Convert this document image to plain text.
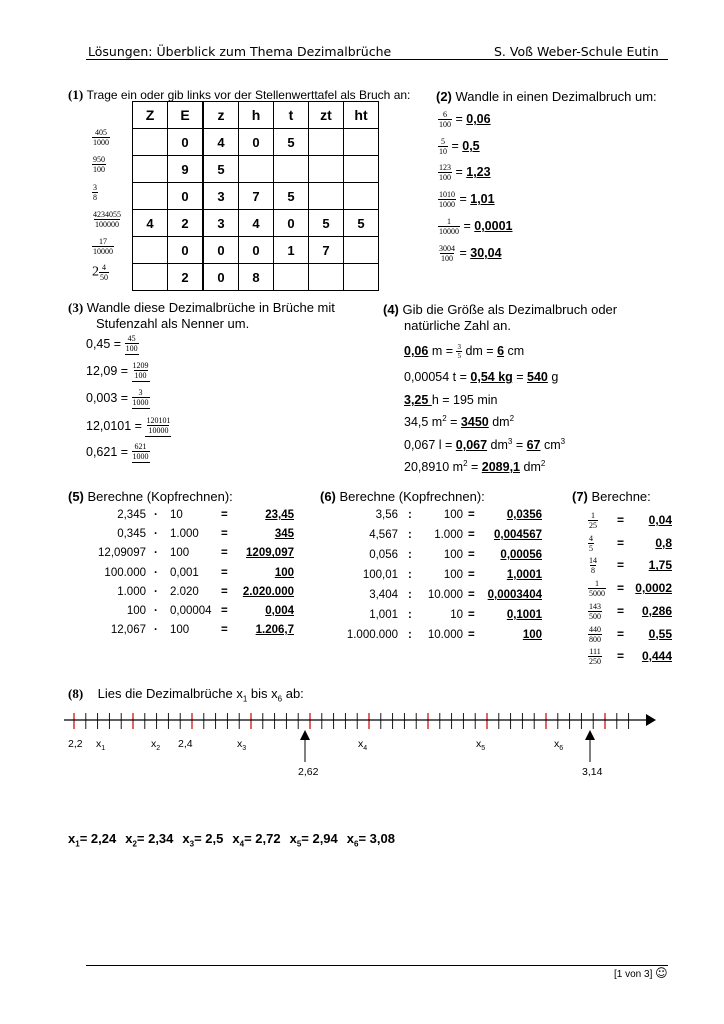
Lösungen: Überblick zum Thema Dezimalbrüche	S. Voß Weber-Schule Eutin
(1) Trage ein oder gib links vor der Stellenwerttafel als Bruch an:
$\frac{405}{1000}$
$\frac{950}{100}$
$\frac{3}{8}$
$\frac{4234055}{100000}$
$\frac{17}{10000}$
$2 \frac{4}{50}$
Z	E	z	h	t	zt	ht
	0	4	0	5		
	9	5				
	0	3	7	5		
4	2	3	4	0	5	5
	0	0	0	1	7	
	2	0	8			
(2) Wandle in einen Dezimalbruch um:
$\frac{6}{100} = 0,06$
$\frac{5}{10} = 0,5$
$\frac{123}{100} = 1,23$
$\frac{1010}{1000} = 1,01$
$\frac{1}{10000} = 0,0001$
$\frac{3004}{100} = 30,04$
(3) Wandle diese Dezimalbrüche in Brüche mit
Stufenzahl als Nenner um.
$0,45 = \frac{45}{100}$
$12,09 = \frac{1209}{100}$
$0,003 = \frac{3}{1000}$
$12,0101 = \frac{120101}{10000}$
$0,621 = \frac{621}{1000}$
(4) Gib die Größe als Dezimalbruch oder
natürliche Zahl an.
0,06 $m = \frac{3}{5}$ dm = 6 cm
0,00054 t = 0,54 kg = 540 g
3,25 h = 195 min
34,5 $m^2 = 3450$ $dm^2$
0,067 l = 0,067 $dm^3 = 67$ $cm^3$
20,8910 $m^2 = 2089,1$ $dm^2$
(5) Berechne (Kopfrechnen):
2,345 · 10	=	23,45
0,345 · 1.000 =	345
12,09097 · 100	=	1209,097
100.000 · 0,001 =	100
1.000 · 2.020 =	2.020.000
100 · 0,00004 =	0,004
12,067 · 100	=	1.206,7
(6) Berechne (Kopfrechnen):
3,56 :	100 =	0,0356
4,567 :	1.000 =	0,004567
0,056 :	100 =	0,00056
100,01 :	100 =	1,0001
3,404 :	10.000 =	0,0003404
1,001 :	10 =	0,1001
1.000.000 :	10.000 =	100
(7) Berechne:
$\frac{1}{25}$ =	0,04
$\frac{4}{5}$ =	0,8
$\frac{14}{8}$ =	1,75
$\frac{1}{5000} = 0,0002$
$\frac{143}{500}$ =	0,286
$\frac{440}{800}$ =	0,55
$\frac{111}{250}$ =	0,444
(8) Lies die Dezimalbrüche $x_1$ bis $x_6$ ab:
2,2 $x_1$	$x_2$ 2,4	$x_3$	$x_4$	$x_5$	$x_6$
2,62	3,14
$x_1= 2,24$ $x_2= 2,34$ $x_3= 2,5$ $x_4= 2,72$ $x_5= 2,94$ $x_6= 3,08$
[1 von 3] ☺
